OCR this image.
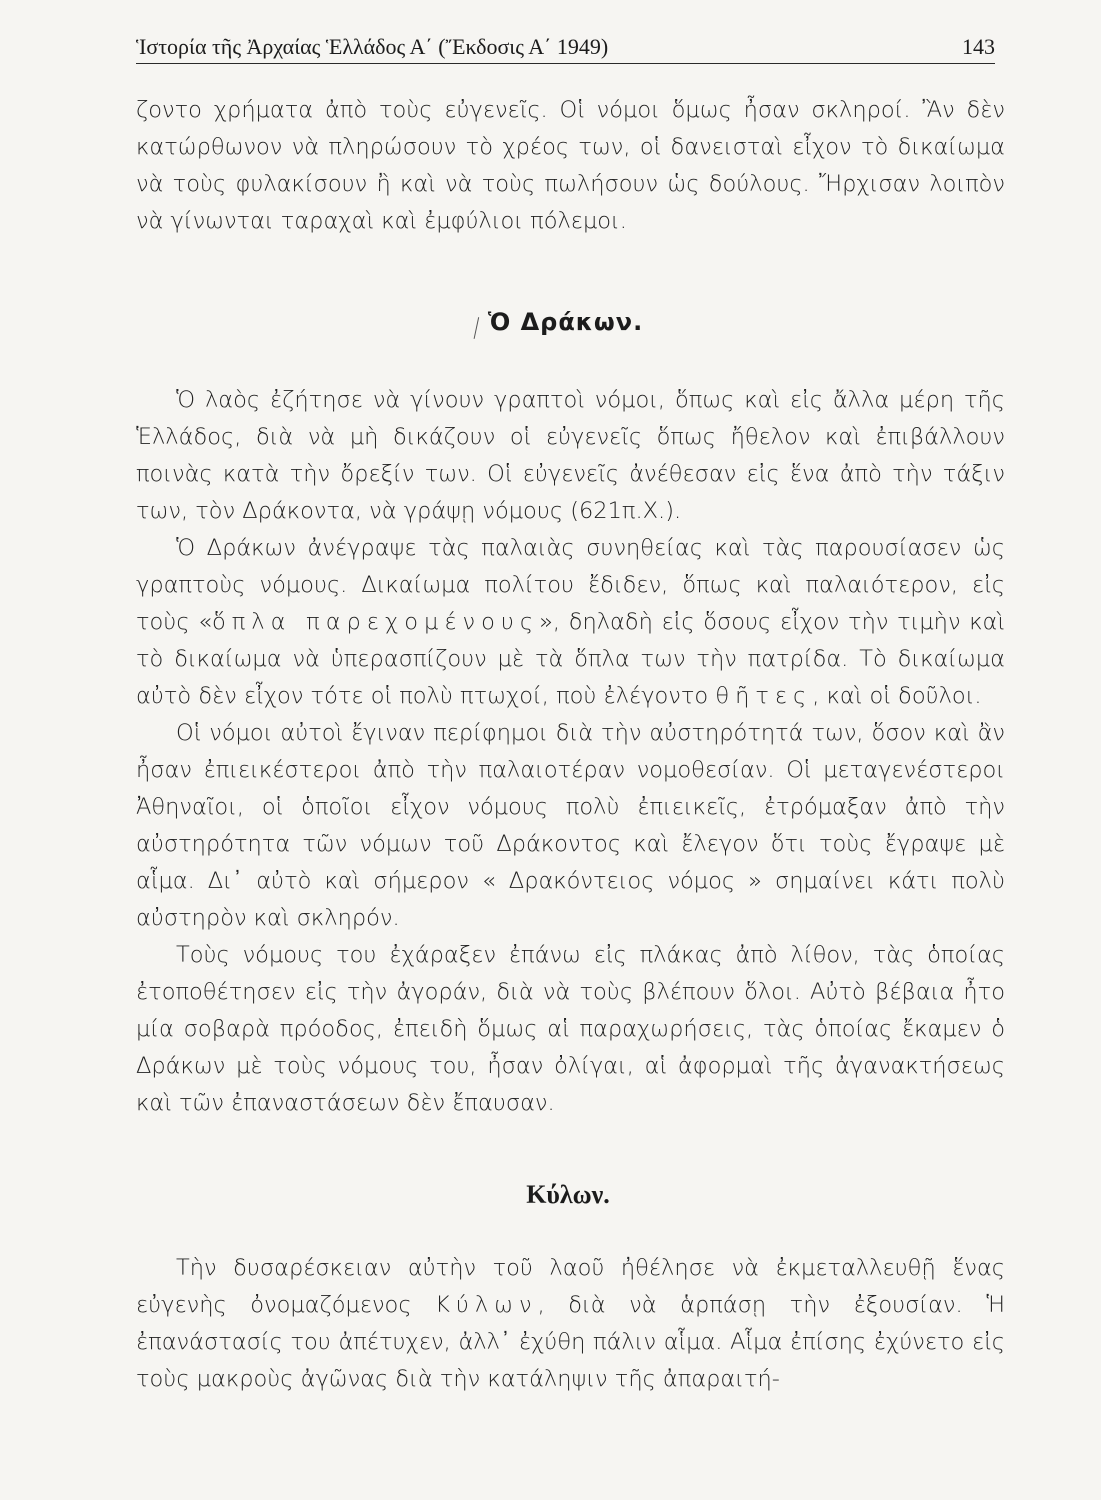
Ἱστορία τῆς Ἀρχαίας Ἑλλάδος Α΄ (Ἔκδοσις Α΄ 1949)	143

ζοντο χρήματα ἀπὸ τοὺς εὐγενεῖς. Οἱ νόμοι ὅμως ἦσαν σκληροί. Ἂν δὲν κατώρθωνον νὰ πληρώσουν τὸ χρέος των, οἱ δανεισταὶ εἶχον τὸ δικαίωμα νὰ τοὺς φυλακίσουν ἢ καὶ νὰ τοὺς πωλήσουν ὡς δούλους. Ἤρχισαν λοιπὸν νὰ γίνωνται ταραχαὶ καὶ ἐμφύλιοι πόλεμοι.

Ὁ Δράκων.

Ὁ λαὸς ἐζήτησε νὰ γίνουν γραπτοὶ νόμοι, ὅπως καὶ εἰς ἄλλα μέρη τῆς Ἑλλάδος, διὰ νὰ μὴ δικάζουν οἱ εὐγενεῖς ὅπως ἤθελον καὶ ἐπιβάλλουν ποινὰς κατὰ τὴν ὄρεξίν των. Οἱ εὐγενεῖς ἀνέθεσαν εἰς ἕνα ἀπὸ τὴν τάξιν των, τὸν Δράκοντα, νὰ γράψῃ νόμους (621π.Χ.).

Ὁ Δράκων ἀνέγραψε τὰς παλαιὰς συνηθείας καὶ τὰς παρουσίασεν ὡς γραπτοὺς νόμους. Δικαίωμα πολίτου ἔδιδεν, ὅπως καὶ παλαιότερον, εἰς τοὺς «ὅπλα παρεχομένους», δηλαδὴ εἰς ὅσους εἶχον τὴν τιμὴν καὶ τὸ δικαίωμα νὰ ὑπερασπίζουν μὲ τὰ ὅπλα των τὴν πατρίδα. Τὸ δικαίωμα αὐτὸ δὲν εἶχον τότε οἱ πολὺ πτωχοί, ποὺ ἐλέγοντο θῆτες, καὶ οἱ δοῦλοι.

Οἱ νόμοι αὐτοὶ ἔγιναν περίφημοι διὰ τὴν αὐστηρότητά των, ὅσον καὶ ἂν ἦσαν ἐπιεικέστεροι ἀπὸ τὴν παλαιοτέραν νομοθεσίαν. Οἱ μεταγενέστεροι Ἀθηναῖοι, οἱ ὁποῖοι εἶχον νόμους πολὺ ἐπιεικεῖς, ἐτρόμαξαν ἀπὸ τὴν αὐστηρότητα τῶν νόμων τοῦ Δράκοντος καὶ ἔλεγον ὅτι τοὺς ἔγραψε μὲ αἷμα. Δι᾽ αὐτὸ καὶ σήμερον « Δρακόντειος νόμος » σημαίνει κάτι πολὺ αὐστηρὸν καὶ σκληρόν.

Τοὺς νόμους του ἐχάραξεν ἐπάνω εἰς πλάκας ἀπὸ λίθον, τὰς ὁποίας ἐτοποθέτησεν εἰς τὴν ἀγοράν, διὰ νὰ τοὺς βλέπουν ὅλοι. Αὐτὸ βέβαια ἦτο μία σοβαρὰ πρόοδος, ἐπειδὴ ὅμως αἱ παραχωρήσεις, τὰς ὁποίας ἔκαμεν ὁ Δράκων μὲ τοὺς νόμους του, ἦσαν ὀλίγαι, αἱ ἀφορμαὶ τῆς ἀγανακτήσεως καὶ τῶν ἐπαναστάσεων δὲν ἔπαυσαν.

Κύλων.

Τὴν δυσαρέσκειαν αὐτὴν τοῦ λαοῦ ἠθέλησε νὰ ἐκμεταλλευθῇ ἕνας εὐγενὴς ὀνομαζόμενος Κύλων, διὰ νὰ ἁρπάσῃ τὴν ἐξουσίαν. Ἡ ἐπανάστασίς του ἀπέτυχεν, ἀλλ᾽ ἐχύθη πάλιν αἷμα. Αἷμα ἐπίσης ἐχύνετο εἰς τοὺς μακροὺς ἀγῶνας διὰ τὴν κατάληψιν τῆς ἀπαραιτή-
